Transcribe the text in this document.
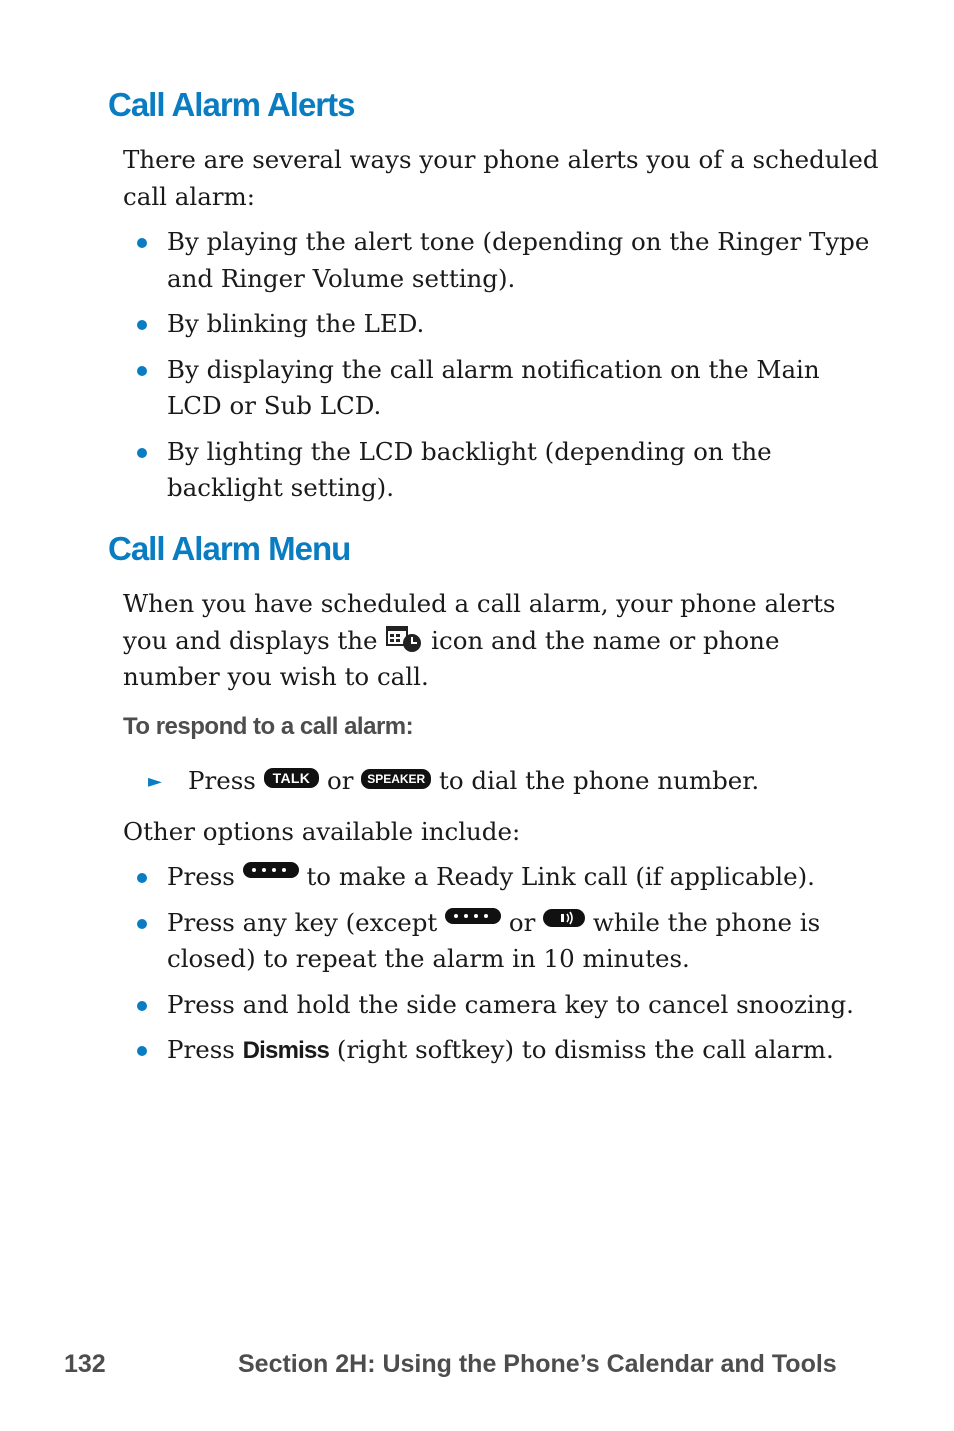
Call Alarm Alerts

There are several ways your phone alerts you of a scheduled call alarm:

By playing the alert tone (depending on the Ringer Type and Ringer Volume setting).
By blinking the LED.
By displaying the call alarm notification on the Main LCD or Sub LCD.
By lighting the LCD backlight (depending on the backlight setting).
Call Alarm Menu

When you have scheduled a call alarm, your phone alerts you and displays the icon and the name or phone number you wish to call.

To respond to a call alarm:

► Press TALK or SPEAKER to dial the phone number.

Other options available include:

Press	to make a Ready Link call (if applicable).
Press any key (except	or while the phone is closed) to repeat the alarm in 10 minutes.
Press and hold the side camera key to cancel snoozing.
Press Dismiss (right softkey) to dismiss the call alarm.

132	Section 2H: Using the Phone’s Calendar and Tools
